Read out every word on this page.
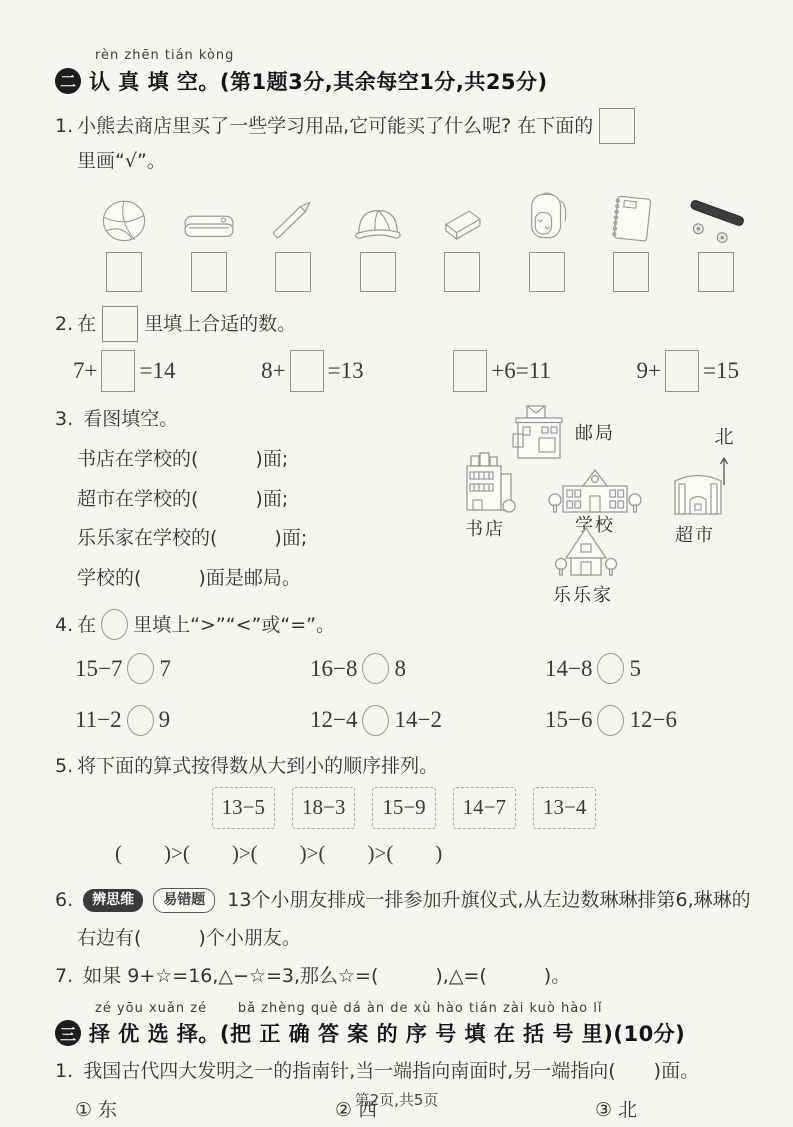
rèn zhēn tián kòng
二 认 真 填 空。(第1题3分,其余每空1分,共25分)
1. 小熊去商店里买了一些学习用品,它可能买了什么呢? 在下面的
里画“√”。
2. 在	里填上合适的数。
7+ =14	8+ =13	+6=11	9+ =15
3. 看图填空。
书店在学校的(　　　)面;
超市在学校的(　　　)面;
乐乐家在学校的(　　　)面;
学校的(　　　)面是邮局。
邮局	北
书店	学校	超市
乐乐家
4. 在 里填上“>”“<”或“=”。
15−7 7	16−8 8	14−8 5
11−2 9	12−4 14−2	15−6 12−6
5. 将下面的算式按得数从大到小的顺序排列。
13−5	18−3	15−9	14−7	13−4
(        )>(        )>(        )>(        )>(        )
6. 辨思维 易错题 13个小朋友排成一排参加升旗仪式,从左边数琳琳排第6,琳琳的右边有(　　　)个小朋友。
7. 如果 9+☆=16,△−☆=3,那么☆=(　　　),△=(　　　)。
zé yōu xuǎn zé      bǎ zhèng què dá àn de xù hào tián zài kuò hào lǐ
三 择 优 选 择。(把 正 确 答 案 的 序 号 填 在 括 号 里)(10分)
1. 我国古代四大发明之一的指南针,当一端指向南面时,另一端指向(　　)面。
① 东	② 西	③ 北
第2页,共5页
